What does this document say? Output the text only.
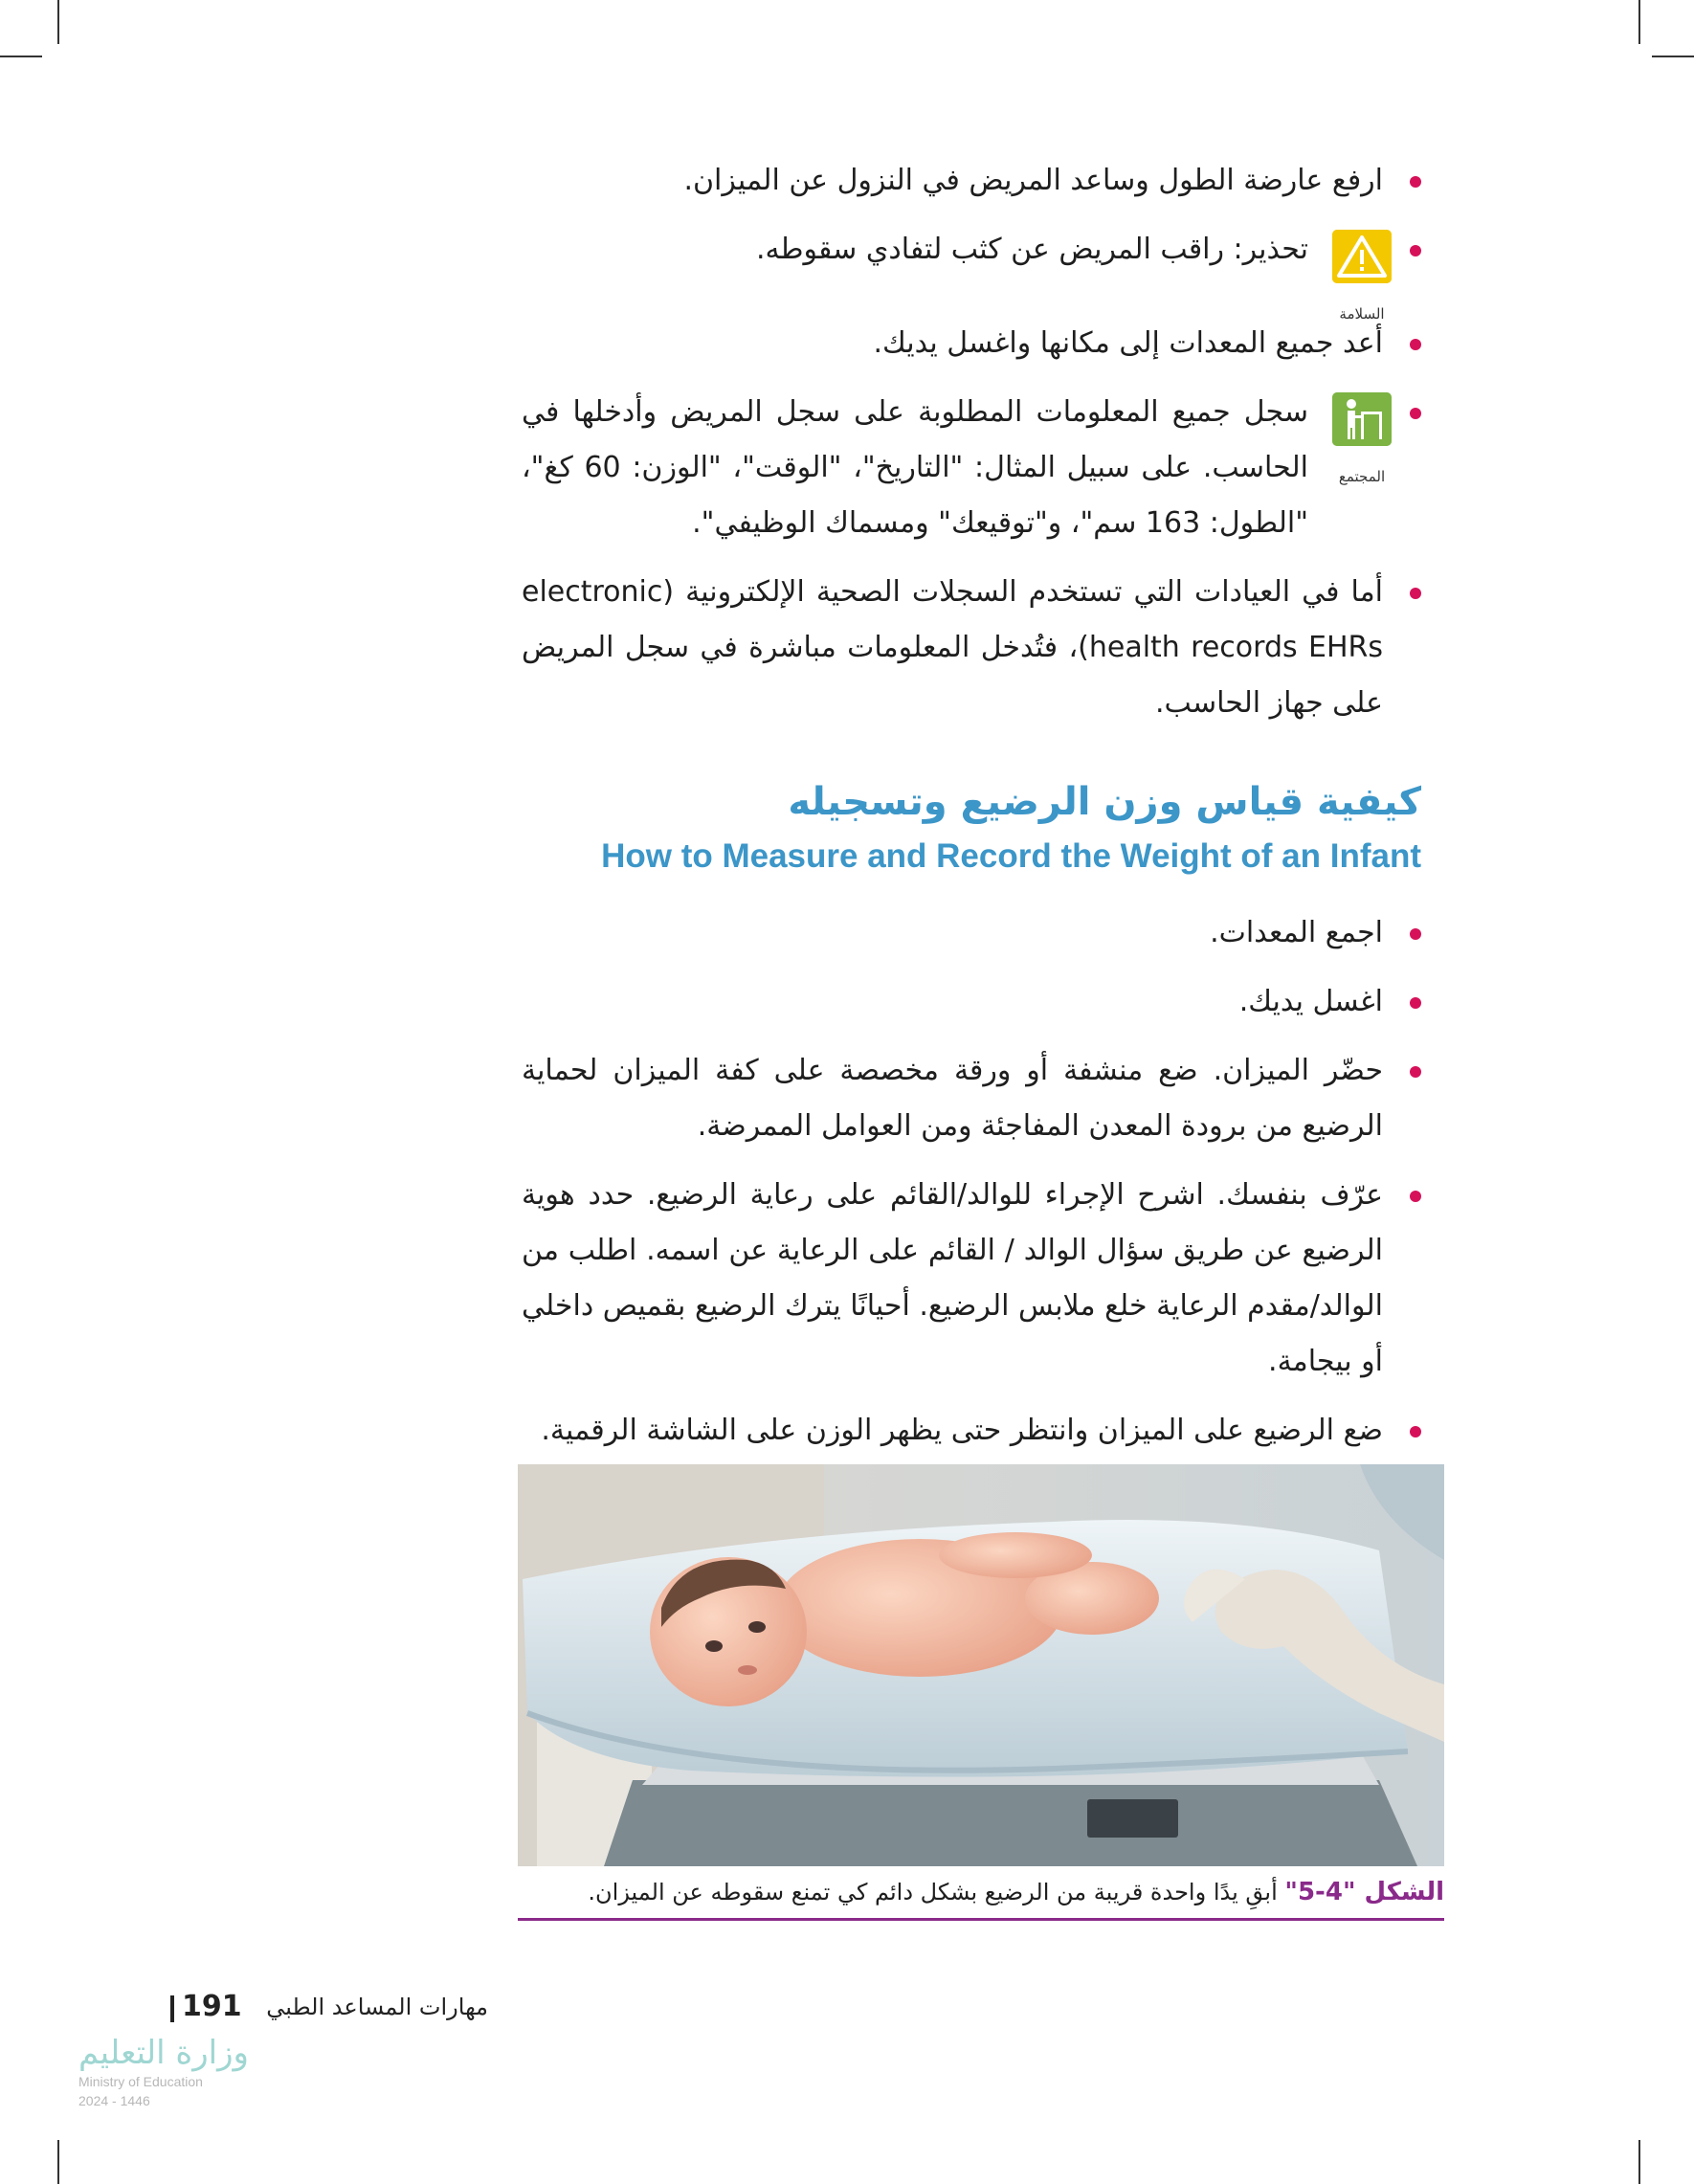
ارفع عارضة الطول وساعد المريض في النزول عن الميزان.
السلامة
تحذير: راقب المريض عن كثب لتفادي سقوطه.
أعد جميع المعدات إلى مكانها واغسل يديك.
المجتمع
سجل جميع المعلومات المطلوبة على سجل المريض وأدخلها في الحاسب. على سبيل المثال: "التاريخ"، "الوقت"، "الوزن: 60 كغ"، "الطول: 163 سم"، و"توقيعك" ومسماك الوظيفي".
أما في العيادات التي تستخدم السجلات الصحية الإلكترونية (electronic health records EHRs)، فتُدخل المعلومات مباشرة في سجل المريض على جهاز الحاسب.
كيفية قياس وزن الرضيع وتسجيله
How to Measure and Record the Weight of an Infant
اجمع المعدات.
اغسل يديك.
حضّر الميزان. ضع منشفة أو ورقة مخصصة على كفة الميزان لحماية الرضيع من برودة المعدن المفاجئة ومن العوامل الممرضة.
عرّف بنفسك. اشرح الإجراء للوالد/القائم على رعاية الرضيع. حدد هوية الرضيع عن طريق سؤال الوالد / القائم على الرعاية عن اسمه. اطلب من الوالد/مقدم الرعاية خلع ملابس الرضيع. أحيانًا يترك الرضيع بقميص داخلي أو بيجامة.
ضع الرضيع على الميزان وانتظر حتى يظهر الوزن على الشاشة الرقمية.
الشكل "4-5" أبقِ يدًا واحدة قريبة من الرضيع بشكل دائم كي تمنع سقوطه عن الميزان.
مهارات المساعد الطبي
191
وزارة التعليم
Ministry of Education
2024 - 1446
